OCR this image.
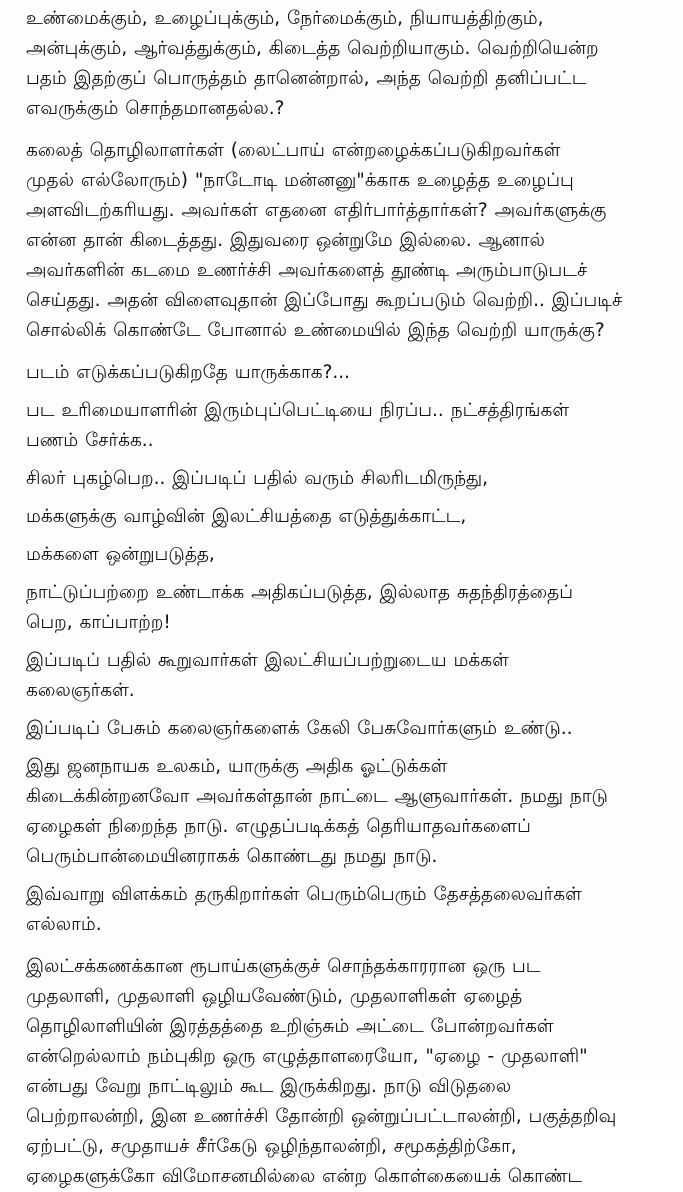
உண்மைக்கும், உழைப்புக்கும், நேர்மைக்கும், நியாயத்திற்கும்,
அன்புக்கும், ஆர்வத்துக்கும், கிடைத்த வெற்றியாகும். வெற்றியென்ற
பதம் இதற்குப் பொருத்தம் தானென்றால், அந்த வெற்றி தனிப்பட்ட
எவருக்கும் சொந்தமானதல்ல.?

கலைத் தொழிலாளர்கள் (லைட்பாய் என்றழைக்கப்படுகிறவர்கள்
முதல் எல்லோரும்) "நாடோடி மன்னனு"க்காக உழைத்த உழைப்பு
அளவிடற்கரியது. அவர்கள் எதனை எதிர்பார்த்தார்கள்? அவர்களுக்கு
என்ன தான் கிடைத்தது. இதுவரை ஒன்றுமே இல்லை. ஆனால்
அவர்களின் கடமை உணர்ச்சி அவர்களைத் தூண்டி அரும்பாடுபடச்
செய்தது. அதன் விளைவுதான் இப்போது கூறப்படும் வெற்றி.. இப்படிச்
சொல்லிக் கொண்டே போனால் உண்மையில் இந்த வெற்றி யாருக்கு?

படம் எடுக்கப்படுகிறதே யாருக்காக?...

பட உரிமையாளரின் இரும்புப்பெட்டியை நிரப்ப.. நட்சத்திரங்கள்
பணம் சேர்க்க..

சிலர் புகழ்பெற.. இப்படிப் பதில் வரும் சிலரிடமிருந்து,

மக்களுக்கு வாழ்வின் இலட்சியத்தை எடுத்துக்காட்ட,

மக்களை ஒன்றுபடுத்த,

நாட்டுப்பற்றை உண்டாக்க அதிகப்படுத்த, இல்லாத சுதந்திரத்தைப்
பெற, காப்பாற்ற!

இப்படிப் பதில் கூறுவார்கள் இலட்சியப்பற்றுடைய மக்கள்
கலைஞர்கள்.

இப்படிப் பேசும் கலைஞர்களைக் கேலி பேசுவோர்களும் உண்டு..

இது ஜனநாயக உலகம், யாருக்கு அதிக ஓட்டுக்கள்
கிடைக்கின்றனவோ அவர்கள்தான் நாட்டை ஆளுவார்கள். நமது நாடு
ஏழைகள் நிறைந்த நாடு. எழுதப்படிக்கத் தெரியாதவர்களைப்
பெரும்பான்மையினராகக் கொண்டது நமது நாடு.

இவ்வாறு விளக்கம் தருகிறார்கள் பெரும்பெரும் தேசத்தலைவர்கள்
எல்லாம்.

இலட்சக்கணக்கான ரூபாய்களுக்குச் சொந்தக்காரரான ஒரு பட
முதலாளி, முதலாளி ஒழியவேண்டும், முதலாளிகள் ஏழைத்
தொழிலாளியின் இரத்தத்தை உறிஞ்சும் அட்டை போன்றவர்கள்
என்றெல்லாம் நம்புகிற ஒரு எழுத்தாளரையோ, "ஏழை - முதலாளி"
என்பது வேறு நாட்டிலும் கூட இருக்கிறது. நாடு விடுதலை
பெற்றாலன்றி, இன உணர்ச்சி தோன்றி ஒன்றுப்பட்டாலன்றி, பகுத்தறிவு
ஏற்பட்டு, சமுதாயச் சீர்கேடு ஒழிந்தாலன்றி, சமூகத்திற்கோ,
ஏழைகளுக்கோ விமோசனமில்லை என்ற கொள்கையைக் கொண்ட
